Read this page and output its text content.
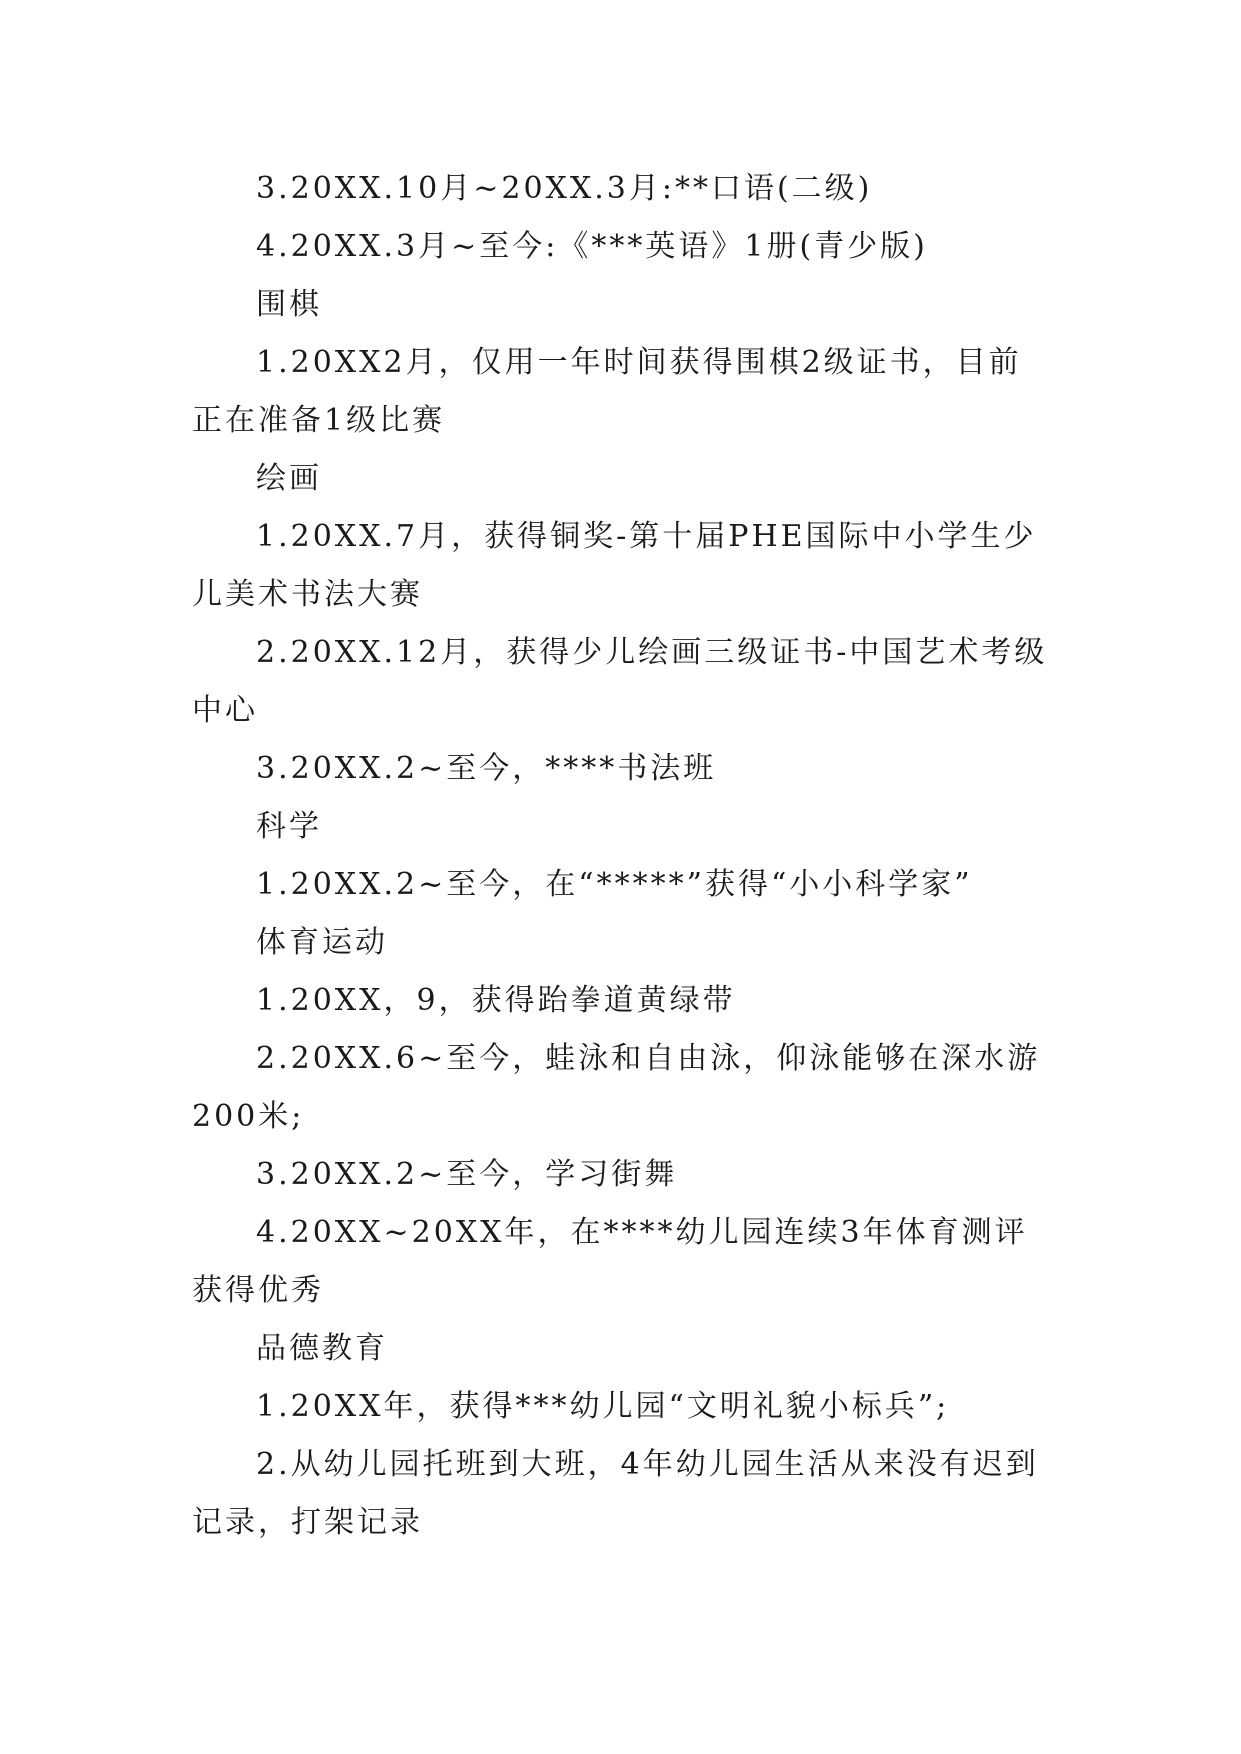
3.20XX.10月~20XX.3月:**口语(二级)

4.20XX.3月~至今:《***英语》1册(青少版)

围棋

1.20XX2月，仅用一年时间获得围棋2级证书，目前正在准备1级比赛

绘画

1.20XX.7月，获得铜奖-第十届PHE国际中小学生少儿美术书法大赛

2.20XX.12月，获得少儿绘画三级证书-中国艺术考级中心

3.20XX.2~至今，****书法班

科学

1.20XX.2~至今，在“*****”获得“小小科学家”

体育运动

1.20XX，9，获得跆拳道黄绿带

2.20XX.6~至今，蛙泳和自由泳，仰泳能够在深水游200米;

3.20XX.2~至今，学习街舞

4.20XX~20XX年，在****幼儿园连续3年体育测评获得优秀

品德教育

1.20XX年，获得***幼儿园“文明礼貌小标兵”;

2.从幼儿园托班到大班，4年幼儿园生活从来没有迟到记录，打架记录
